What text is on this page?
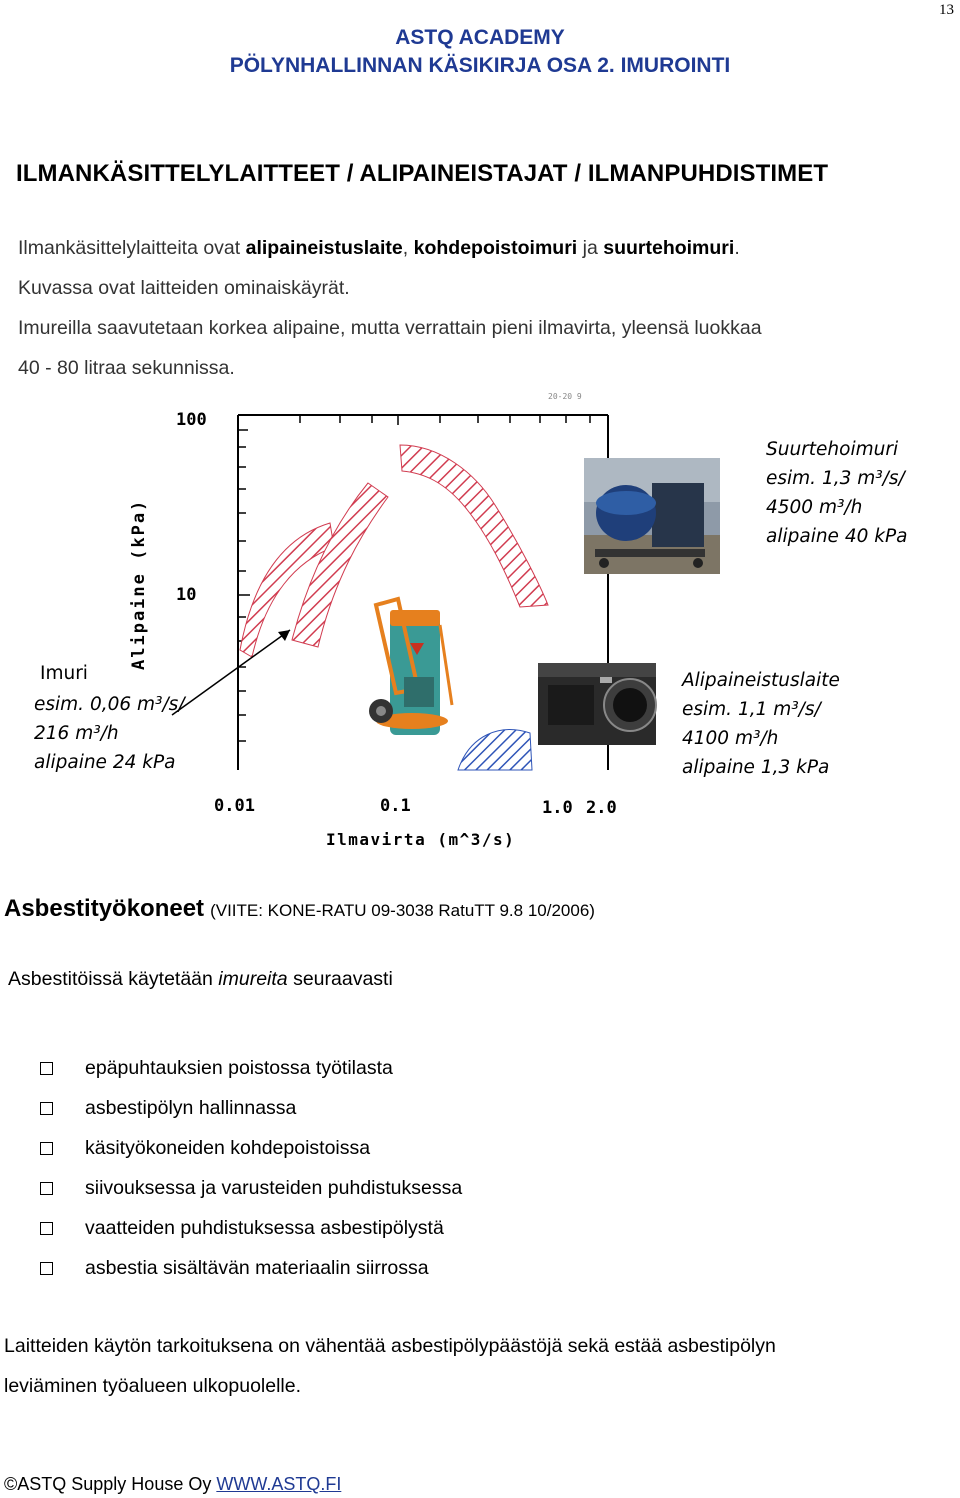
13
ASTQ ACADEMY
PÖLYNHALLINNAN KÄSIKIRJA OSA 2. IMUROINTI
ILMANKÄSITTELYLAITTEET / ALIPAINEISTAJAT / ILMANPUHDISTIMET
Ilmankäsittelylaitteita ovat alipaineistuslaite, kohdepoistoimuri ja suurtehoimuri.
Kuvassa ovat laitteiden ominaiskäyrät.
Imureilla saavutetaan korkea alipaine, mutta verrattain pieni ilmavirta, yleensä luokkaa
40 - 80 litraa sekunnissa.
20-20 9
100
10
Alipaine (kPa)
0.01	0.1	1.0 2.0
Ilmavirta (m^3/s)
Suurtehoimuri esim. 1,3 m³/s/ 4500 m³/h alipaine 40 kPa
Imuri
esim. 0,06 m³/s/ 216 m³/h alipaine 24 kPa
Alipaineistuslaite esim. 1,1 m³/s/ 4100 m³/h alipaine 1,3 kPa
Asbestityökoneet (VIITE: KONE-RATU 09-3038 RatuTT 9.8 10/2006)
Asbestitöissä käytetään imureita seuraavasti
epäpuhtauksien poistossa työtilasta
asbestipölyn hallinnassa
käsityökoneiden kohdepoistoissa
siivouksessa ja varusteiden puhdistuksessa
vaatteiden puhdistuksessa asbestipölystä
asbestia sisältävän materiaalin siirrossa
Laitteiden käytön tarkoituksena on vähentää asbestipölypäästöjä sekä estää asbestipölyn
leviäminen työalueen ulkopuolelle.
©ASTQ Supply House Oy WWW.ASTQ.FI
